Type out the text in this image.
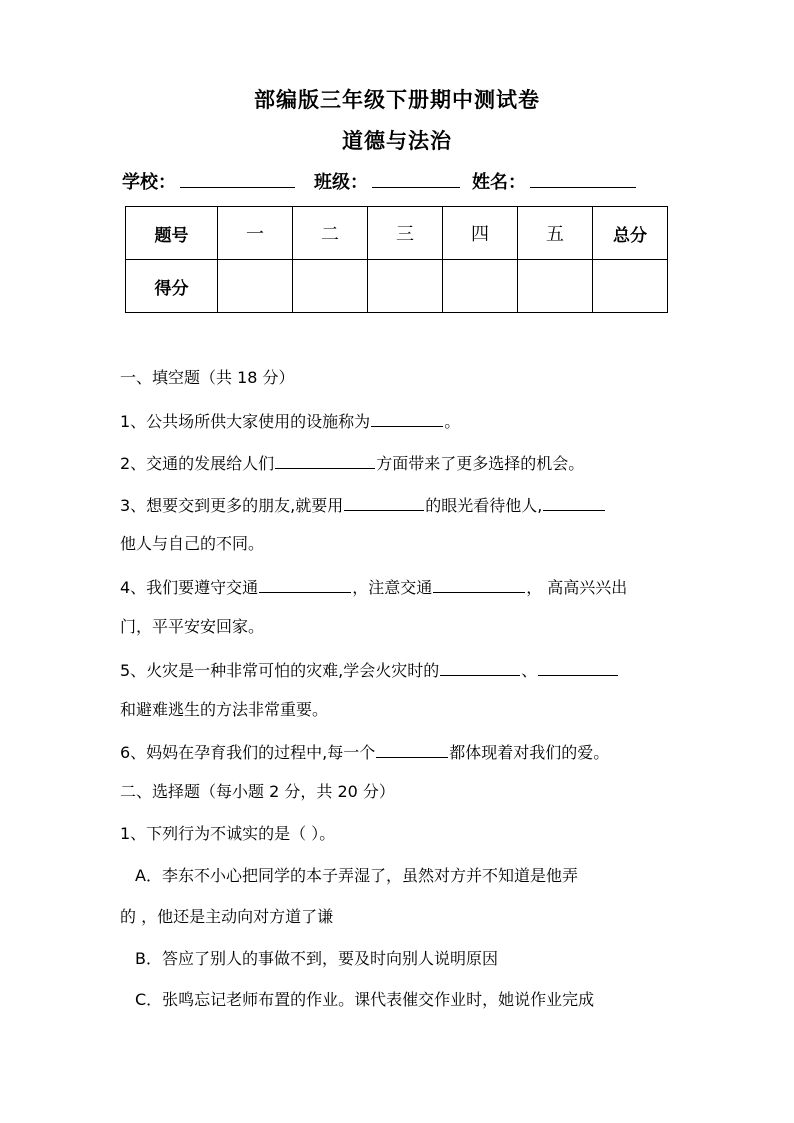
部编版三年级下册期中测试卷
道德与法治
学校：	班级：	姓名：
题号	一	二	三	四	五	总分
得分						
一、填空题（共 18 分）
1、公共场所供大家使用的设施称为	。
2、交通的发展给人们	方面带来了更多选择的机会。
3、想要交到更多的朋友,就要用	的眼光看待他人,
他人与自己的不同。
4、我们要遵守交通	，注意交通	， 高高兴兴出
门，平平安安回家。
5、火灾是一种非常可怕的灾难,学会火灾时的	、
和避难逃生的方法非常重要。
6、妈妈在孕育我们的过程中,每一个	都体现着对我们的爱。
二、选择题（每小题 2 分，共 20 分）
1、下列行为不诚实的是（ ）。
A．李东不小心把同学的本子弄湿了，虽然对方并不知道是他弄
的 ，他还是主动向对方道了谦
B．答应了别人的事做不到，要及时向别人说明原因
C．张鸣忘记老师布置的作业。课代表催交作业时，她说作业完成
